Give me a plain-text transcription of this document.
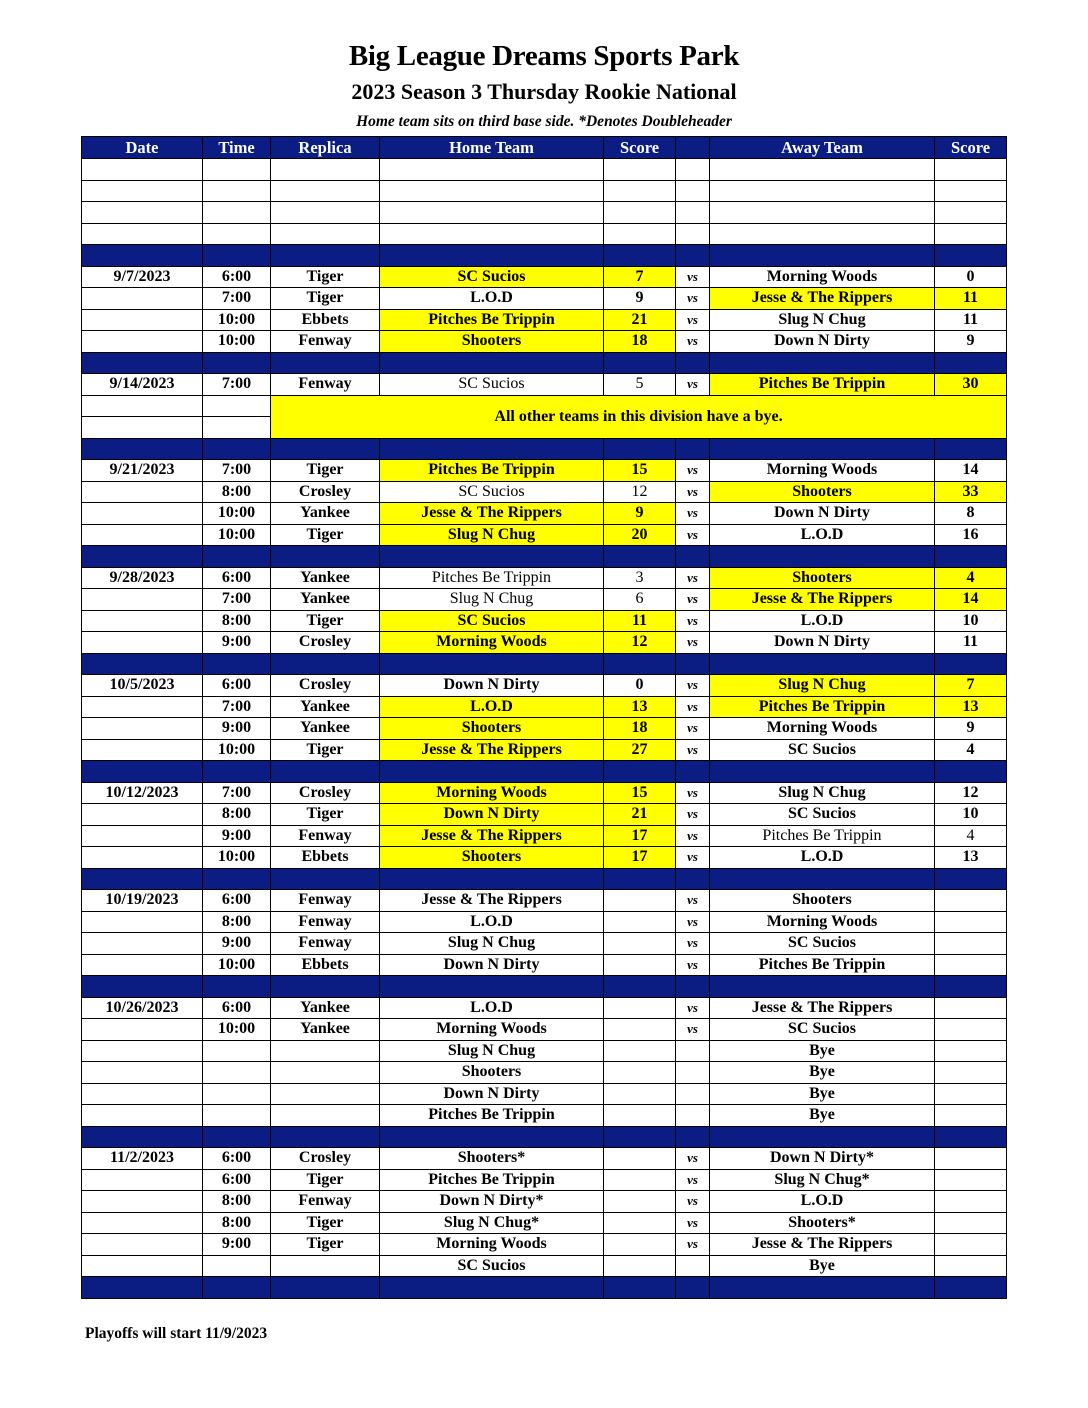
Big League Dreams Sports Park
2023 Season 3 Thursday Rookie National
Home team sits on third base side. *Denotes Doubleheader
Date	Time	Replica	Home Team	Score		Away Team	Score	

9/7/2023	6:00	Tiger	SC Sucios	7	vs	Morning Woods	0	
	7:00	Tiger	L.O.D	9	vs	Jesse & The Rippers	11	
	10:00	Ebbets	Pitches Be Trippin	21	vs	Slug N Chug	11	
	10:00	Fenway	Shooters	18	vs	Down N Dirty	9	

9/14/2023	7:00	Fenway	SC Sucios	5	vs	Pitches Be Trippin	30	
		All other teams in this division have a bye.						

9/21/2023	7:00	Tiger	Pitches Be Trippin	15	vs	Morning Woods	14	
	8:00	Crosley	SC Sucios	12	vs	Shooters	33	
	10:00	Yankee	Jesse & The Rippers	9	vs	Down N Dirty	8	
	10:00	Tiger	Slug N Chug	20	vs	L.O.D	16	

9/28/2023	6:00	Yankee	Pitches Be Trippin	3	vs	Shooters	4	
	7:00	Yankee	Slug N Chug	6	vs	Jesse & The Rippers	14	
	8:00	Tiger	SC Sucios	11	vs	L.O.D	10	
	9:00	Crosley	Morning Woods	12	vs	Down N Dirty	11	

10/5/2023	6:00	Crosley	Down N Dirty	0	vs	Slug N Chug	7	
	7:00	Yankee	L.O.D	13	vs	Pitches Be Trippin	13	
	9:00	Yankee	Shooters	18	vs	Morning Woods	9	
	10:00	Tiger	Jesse & The Rippers	27	vs	SC Sucios	4	

10/12/2023	7:00	Crosley	Morning Woods	15	vs	Slug N Chug	12	
	8:00	Tiger	Down N Dirty	21	vs	SC Sucios	10	
	9:00	Fenway	Jesse & The Rippers	17	vs	Pitches Be Trippin	4	
	10:00	Ebbets	Shooters	17	vs	L.O.D	13	

10/19/2023	6:00	Fenway	Jesse & The Rippers		vs	Shooters		
	8:00	Fenway	L.O.D		vs	Morning Woods		
	9:00	Fenway	Slug N Chug		vs	SC Sucios		
	10:00	Ebbets	Down N Dirty		vs	Pitches Be Trippin		

10/26/2023	6:00	Yankee	L.O.D		vs	Jesse & The Rippers		
	10:00	Yankee	Morning Woods		vs	SC Sucios		
			Slug N Chug			Bye		
			Shooters			Bye		
			Down N Dirty			Bye		
			Pitches Be Trippin			Bye		

11/2/2023	6:00	Crosley	Shooters*		vs	Down N Dirty*		
	6:00	Tiger	Pitches Be Trippin		vs	Slug N Chug*		
	8:00	Fenway	Down N Dirty*		vs	L.O.D		
	8:00	Tiger	Slug N Chug*		vs	Shooters*		
	9:00	Tiger	Morning Woods		vs	Jesse & The Rippers		
			SC Sucios			Bye		

Playoffs will start 11/9/2023
